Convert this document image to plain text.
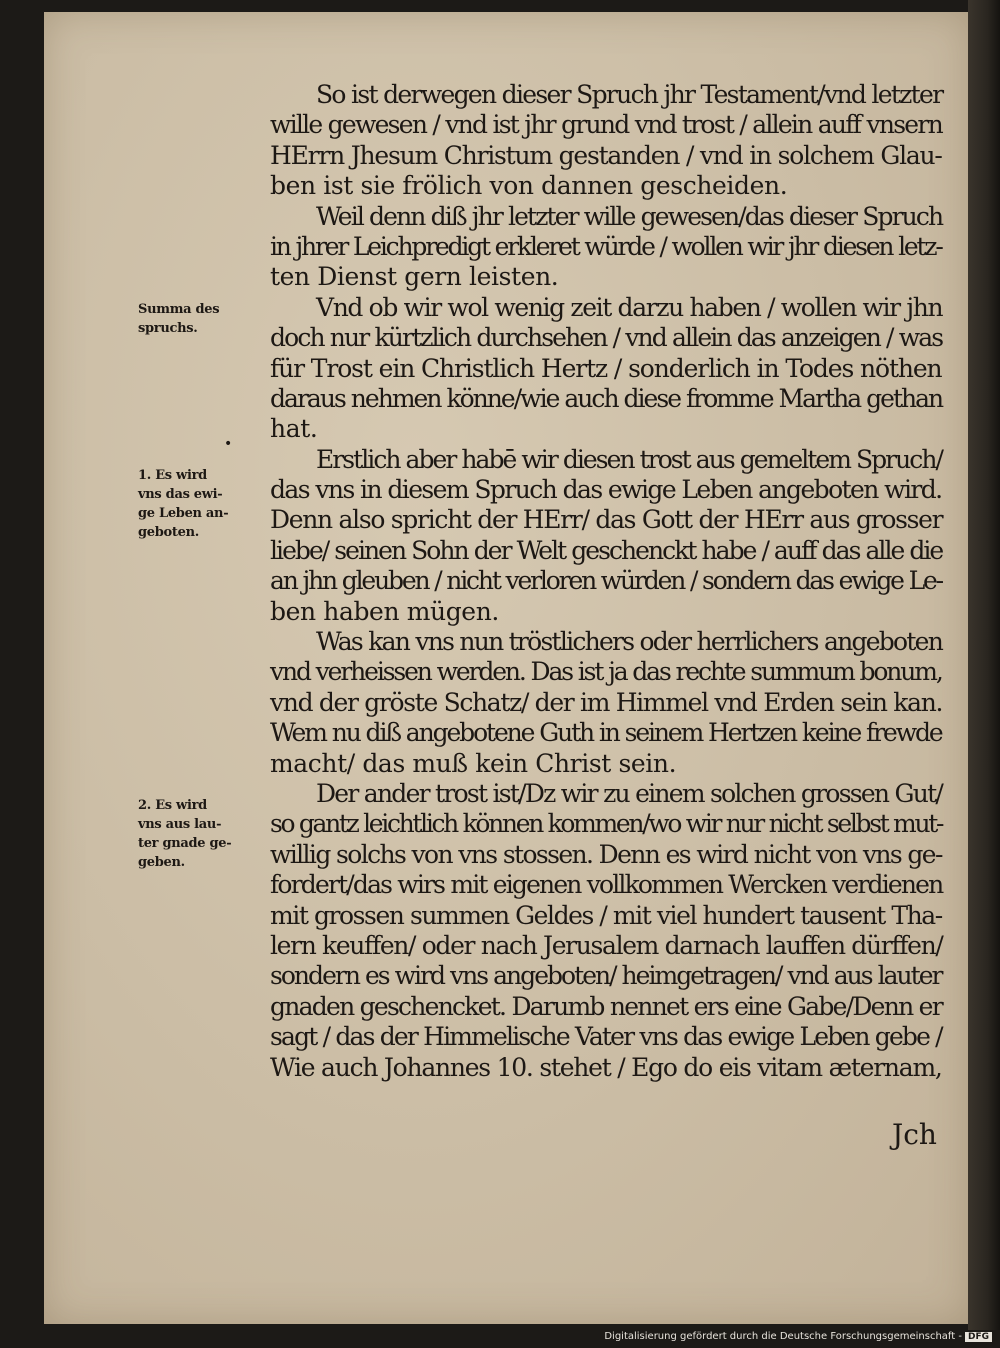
So ist derwegen dieser Spruch jhr Testament/vnd letzter
wille gewesen / vnd ist jhr grund vnd trost / allein auff vnsern
HErrn Jhesum Christum gestanden / vnd in solchem Glau-
ben ist sie frölich von dannen gescheiden.
Weil denn diß jhr letzter wille gewesen/das dieser Spruch
in jhrer Leichpredigt erkleret würde / wollen wir jhr diesen letz-
ten Dienst gern leisten.
Vnd ob wir wol wenig zeit darzu haben / wollen wir jhn
doch nur kürtzlich durchsehen / vnd allein das anzeigen / was
für Trost ein Christlich Hertz / sonderlich in Todes nöthen
daraus nehmen könne/wie auch diese fromme Martha gethan
hat.
Erstlich aber habē wir diesen trost aus gemeltem Spruch/
das vns in diesem Spruch das ewige Leben angeboten wird.
Denn also spricht der HErr/ das Gott der HErr aus grosser
liebe/ seinen Sohn der Welt geschenckt habe / auff das alle die
an jhn gleuben / nicht verloren würden / sondern das ewige Le-
ben haben mügen.
Was kan vns nun tröstlichers oder herrlichers angeboten
vnd verheissen werden. Das ist ja das rechte summum bonum,
vnd der gröste Schatz/ der im Himmel vnd Erden sein kan.
Wem nu diß angebotene Guth in seinem Hertzen keine frewde
macht/ das muß kein Christ sein.
Der ander trost ist/Dz wir zu einem solchen grossen Gut/
so gantz leichtlich können kommen/wo wir nur nicht selbst mut-
willig solchs von vns stossen. Denn es wird nicht von vns ge-
fordert/das wirs mit eigenen vollkommen Wercken verdienen
mit grossen summen Geldes / mit viel hundert tausent Tha-
lern keuffen/ oder nach Jerusalem darnach lauffen dürffen/
sondern es wird vns angeboten/ heimgetragen/ vnd aus lauter
gnaden geschencket. Darumb nennet ers eine Gabe/Denn er
sagt / das der Himmelische Vater vns das ewige Leben gebe /
Wie auch Johannes 10. stehet / Ego do eis vitam æternam,
Summa des
spruchs.
•
1. Es wird
vns das ewi-
ge Leben an-
geboten.
2. Es wird
vns aus lau-
ter gnade ge-
geben.
Jch
Digitalisierung gefördert durch die Deutsche Forschungsgemeinschaft - DFG
